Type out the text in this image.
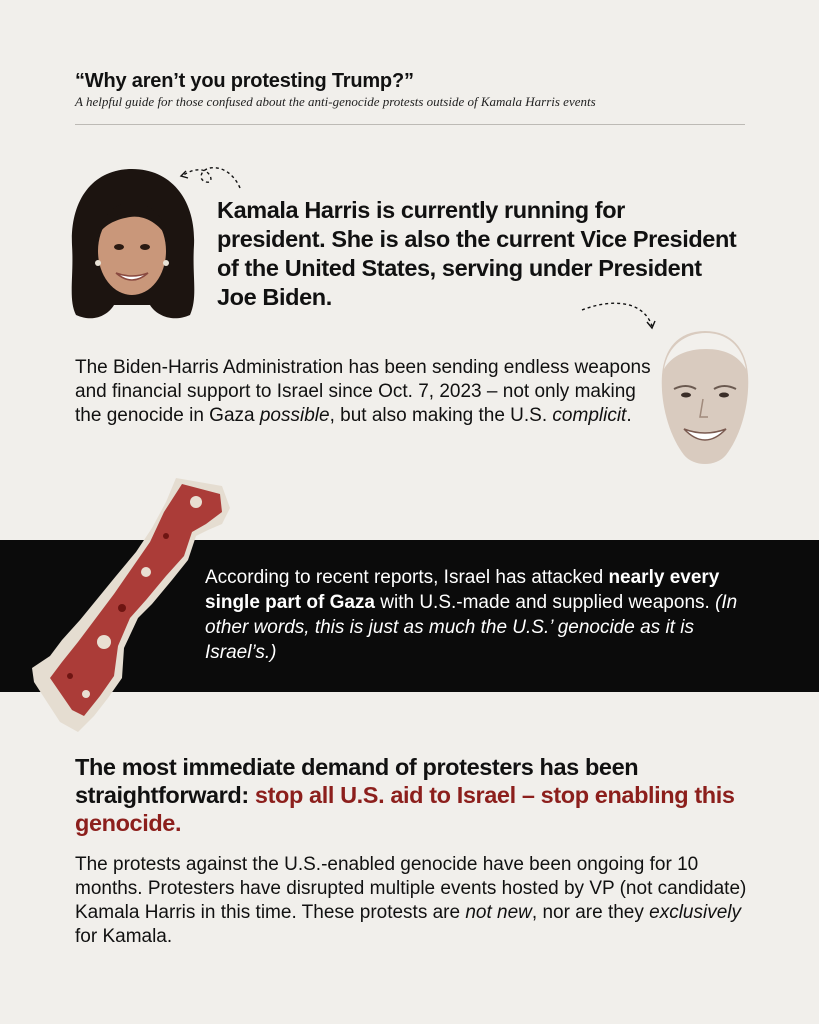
“Why aren’t you protesting Trump?”
A helpful guide for those confused about the anti-genocide protests outside of Kamala Harris events

Kamala Harris is currently running for president. She is also the current Vice President of the United States, serving under President Joe Biden.

The Biden-Harris Administration has been sending endless weapons and financial support to Israel since Oct. 7, 2023 – not only making the genocide in Gaza possible, but also making the U.S. complicit.

According to recent reports, Israel has attacked nearly every single part of Gaza with U.S.-made and supplied weapons. (In other words, this is just as much the U.S.’ genocide as it is Israel’s.)

The most immediate demand of protesters has been straightforward: stop all U.S. aid to Israel – stop enabling this genocide.

The protests against the U.S.-enabled genocide have been ongoing for 10 months. Protesters have disrupted multiple events hosted by VP (not candidate) Kamala Harris in this time. These protests are not new, nor are they exclusively for Kamala.
